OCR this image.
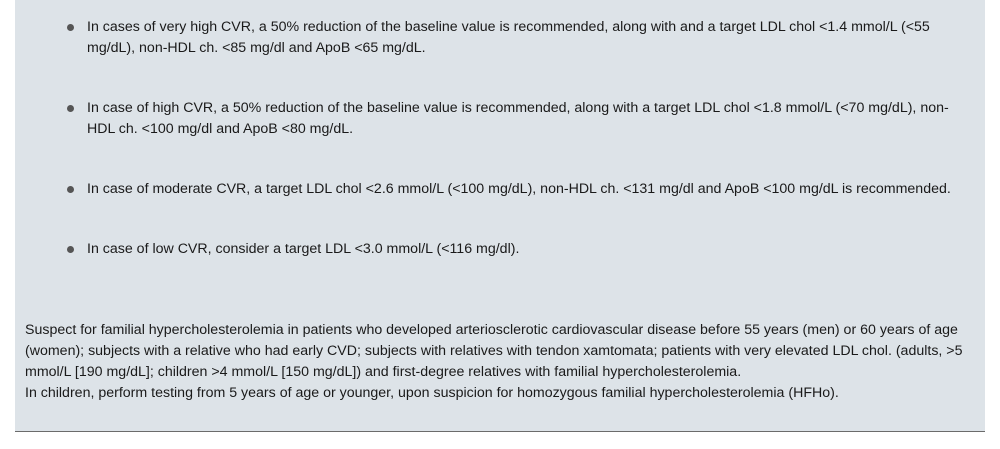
In cases of very high CVR, a 50% reduction of the baseline value is recommended, along with and a target LDL chol <1.4 mmol/L (<55 mg/dL), non-HDL ch. <85 mg/dl and ApoB <65 mg/dL.
In case of high CVR, a 50% reduction of the baseline value is recommended, along with a target LDL chol <1.8 mmol/L (<70 mg/dL), non-HDL ch. <100 mg/dl and ApoB <80 mg/dL.
In case of moderate CVR, a target LDL chol <2.6 mmol/L (<100 mg/dL), non-HDL ch. <131 mg/dl and ApoB <100 mg/dL is recommended.
In case of low CVR, consider a target LDL <3.0 mmol/L (<116 mg/dl).

Suspect for familial hypercholesterolemia in patients who developed arteriosclerotic cardiovascular disease before 55 years (men) or 60 years of age (women); subjects with a relative who had early CVD; subjects with relatives with tendon xamtomata; patients with very elevated LDL chol. (adults, >5 mmol/L [190 mg/dL]; children >4 mmol/L [150 mg/dL]) and first-degree relatives with familial hypercholesterolemia.

In children, perform testing from 5 years of age or younger, upon suspicion for homozygous familial hypercholesterolemia (HFHo).
